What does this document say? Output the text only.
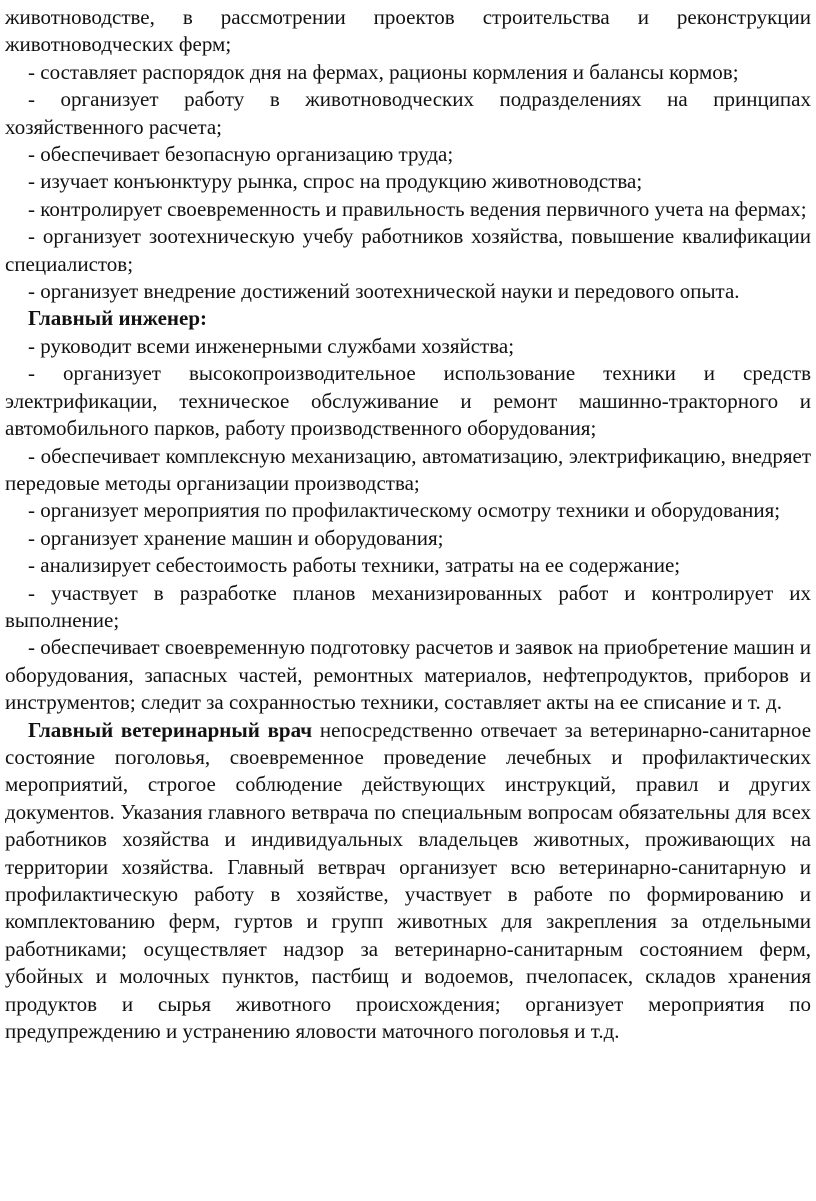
животноводстве, в рассмотрении проектов строительства и реконструкции животноводческих ферм;

- составляет распорядок дня на фермах, рационы кормления и балансы кормов;

- организует работу в животноводческих подразделениях на принципах хозяйственного расчета;

- обеспечивает безопасную организацию труда;

- изучает конъюнктуру рынка, спрос на продукцию животноводства;

- контролирует своевременность и правильность ведения первичного учета на фермах;

- организует зоотехническую учебу работников хозяйства, повышение квалификации специалистов;

- организует внедрение достижений зоотехнической науки и передового опыта.

Главный инженер:

- руководит всеми инженерными службами хозяйства;

- организует высокопроизводительное использование техники и средств электрификации, техническое обслуживание и ремонт машинно-тракторного и автомобильного парков, работу производственного оборудования;

- обеспечивает комплексную механизацию, автоматизацию, электрификацию, внедряет передовые методы организации производства;

- организует мероприятия по профилактическому осмотру техники и оборудования;

- организует хранение машин и оборудования;

- анализирует себестоимость работы техники, затраты на ее содержание;

- участвует в разработке планов механизированных работ и контролирует их выполнение;

- обеспечивает своевременную подготовку расчетов и заявок на приобретение машин и оборудования, запасных частей, ремонтных материалов, нефтепродуктов, приборов и инструментов; следит за сохранностью техники, составляет акты на ее списание и т. д.

Главный ветеринарный врач непосредственно отвечает за ветеринарно-санитарное состояние поголовья, своевременное проведение лечебных и профилактических мероприятий, строгое соблюдение действующих инструкций, правил и других документов. Указания главного ветврача по специальным вопросам обязательны для всех работников хозяйства и индивидуальных владельцев животных, проживающих на территории хозяйства. Главный ветврач организует всю ветеринарно-санитарную и профилактическую работу в хозяйстве, участвует в работе по формированию и комплектованию ферм, гуртов и групп животных для закрепления за отдельными работниками; осуществляет надзор за ветеринарно-санитарным состоянием ферм, убойных и молочных пунктов, пастбищ и водоемов, пчелопасек, складов хранения продуктов и сырья животного происхождения; организует мероприятия по предупреждению и устранению яловости маточного поголовья и т.д.
